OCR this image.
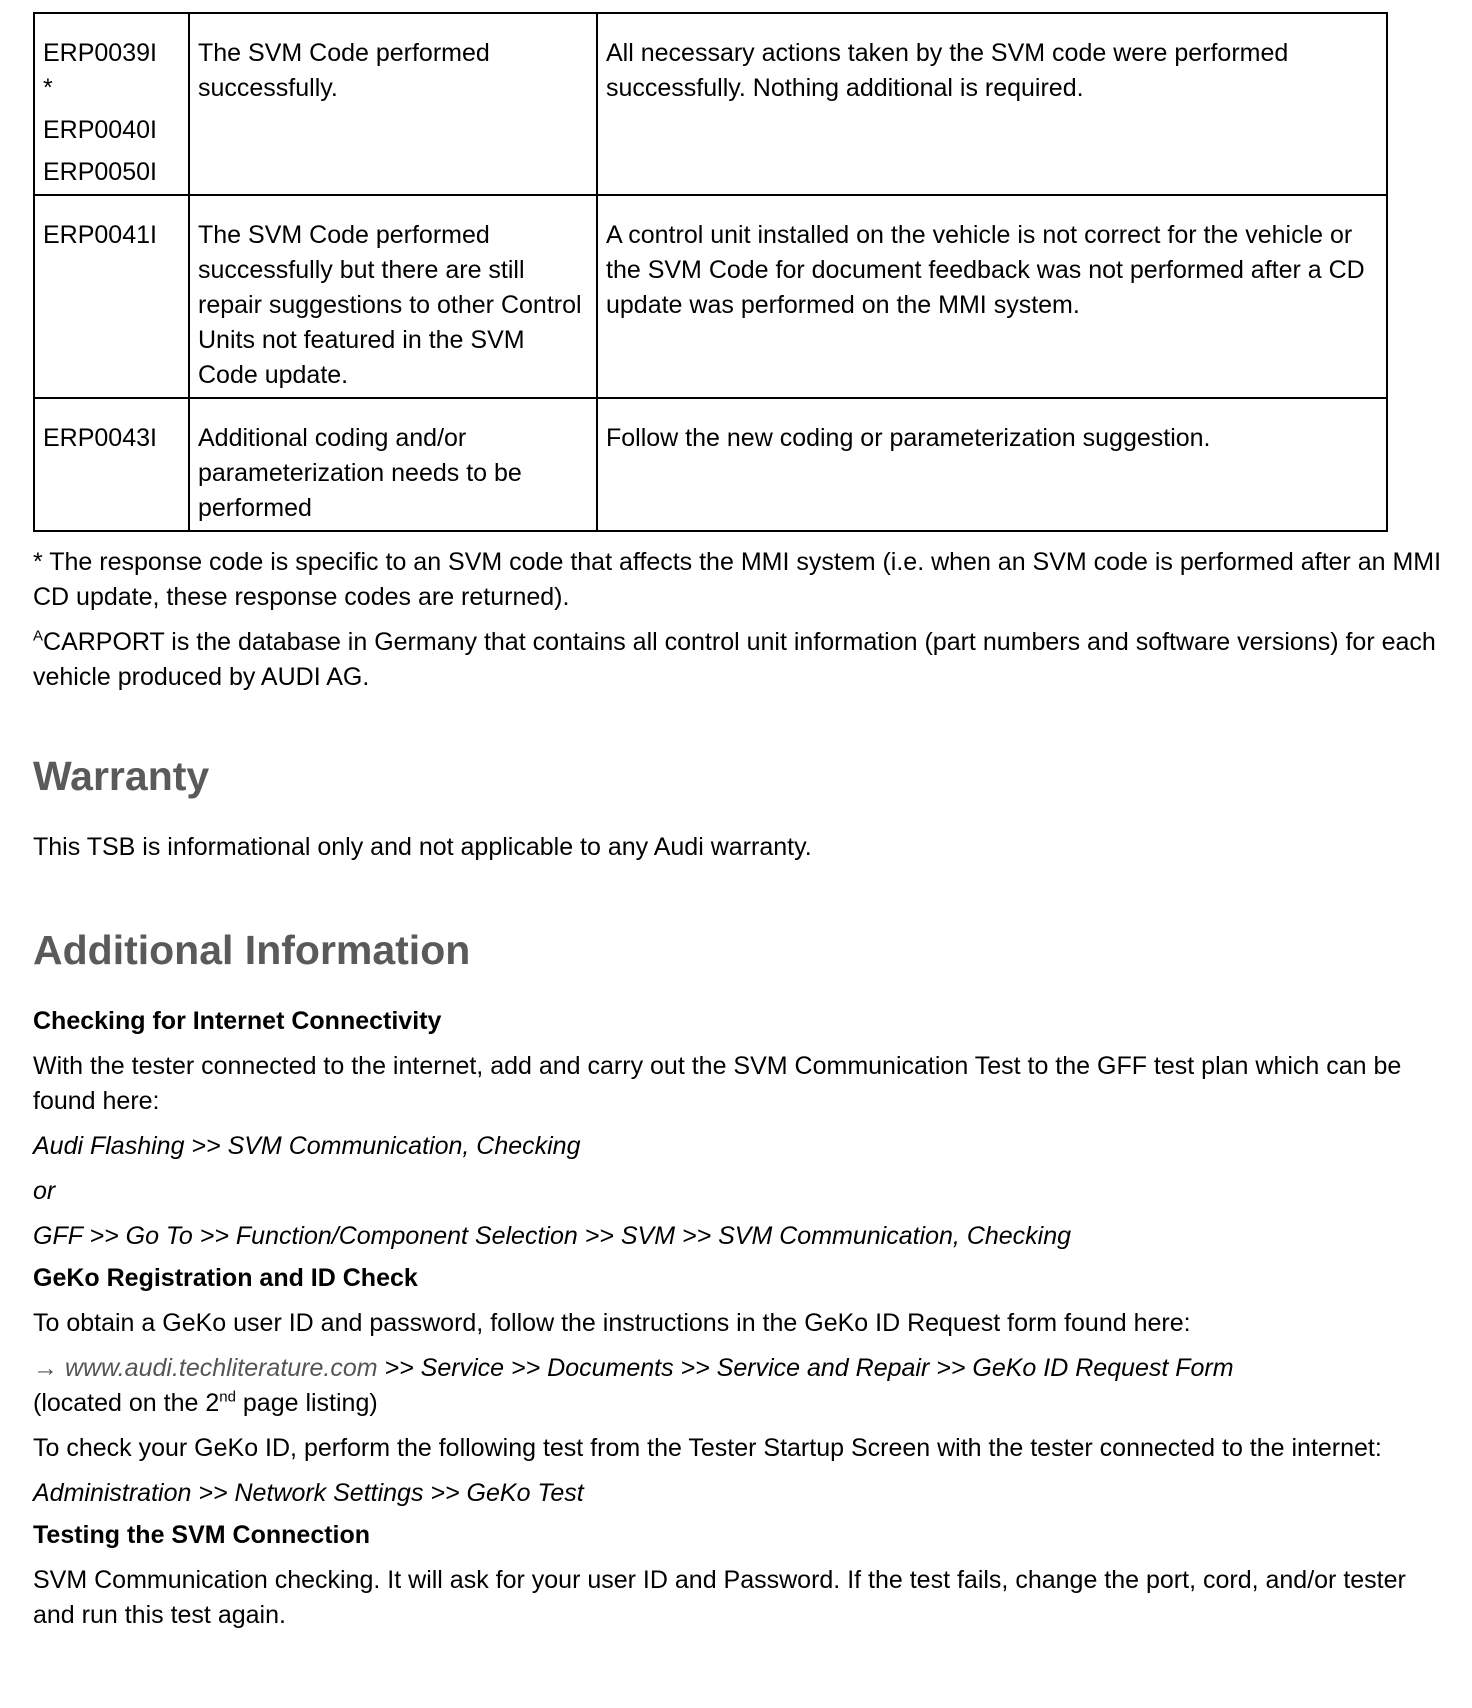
ERP0039I
*
ERP0040I
ERP0050I	The SVM Code performed successfully.	All necessary actions taken by the SVM code were performed successfully. Nothing additional is required.
ERP0041I	The SVM Code performed successfully but there are still repair suggestions to other Control Units not featured in the SVM Code update.	A control unit installed on the vehicle is not correct for the vehicle or the SVM Code for document feedback was not performed after a CD update was performed on the MMI system.
ERP0043I	Additional coding and/or parameterization needs to be performed	Follow the new coding or parameterization suggestion.

* The response code is specific to an SVM code that affects the MMI system (i.e. when an SVM code is performed after an MMI CD update, these response codes are returned).

$^A$CARPORT is the database in Germany that contains all control unit information (part numbers and software versions) for each vehicle produced by AUDI AG.

Warranty

This TSB is informational only and not applicable to any Audi warranty.

Additional Information

Checking for Internet Connectivity

With the tester connected to the internet, add and carry out the SVM Communication Test to the GFF test plan which can be found here:

Audi Flashing >> SVM Communication, Checking

or

GFF >> Go To >> Function/Component Selection >> SVM >> SVM Communication, Checking

GeKo Registration and ID Check

To obtain a GeKo user ID and password, follow the instructions in the GeKo ID Request form found here:

→ www.audi.techliterature.com >> Service >> Documents >> Service and Repair >> GeKo ID Request Form
(located on the 2nd page listing)

To check your GeKo ID, perform the following test from the Tester Startup Screen with the tester connected to the internet:

Administration >> Network Settings >> GeKo Test

Testing the SVM Connection

SVM Communication checking. It will ask for your user ID and Password. If the test fails, change the port, cord, and/or tester and run this test again.
